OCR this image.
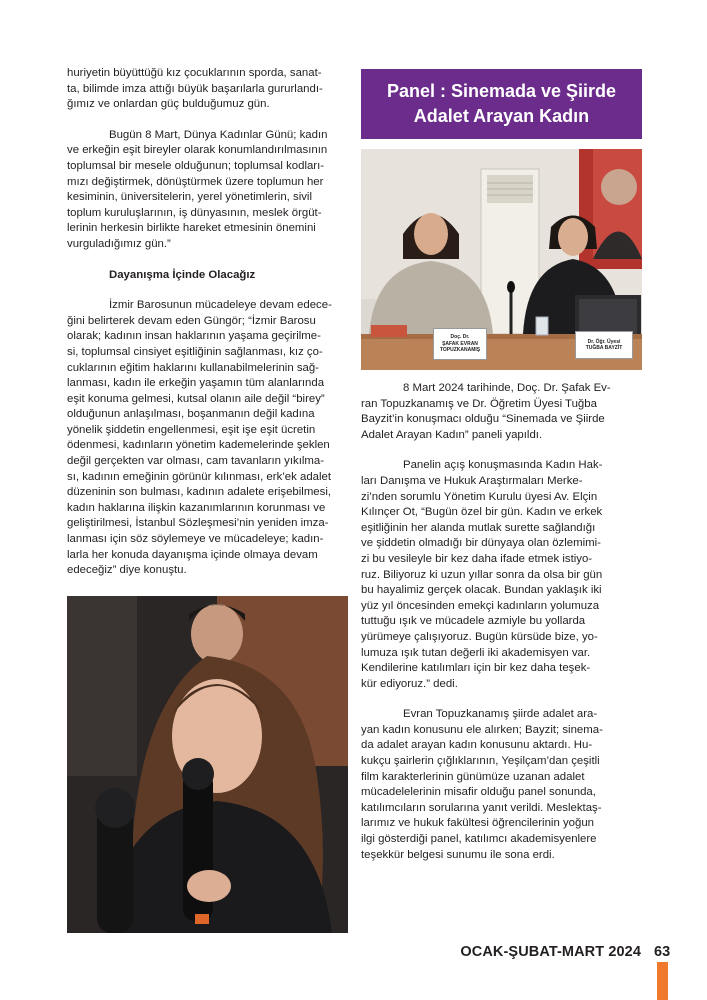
huriyetin büyüttüğü kız çocuklarının sporda, sanat-
ta, bilimde imza attığı büyük başarılarla gururlandı-
ğımız ve onlardan güç bulduğumuz gün.

Bugün 8 Mart, Dünya Kadınlar Günü; kadın
ve erkeğin eşit bireyler olarak konumlandırılmasının
toplumsal bir mesele olduğunun; toplumsal kodları-
mızı değiştirmek, dönüştürmek üzere toplumun her
kesiminin, üniversitelerin, yerel yönetimlerin, sivil
toplum kuruluşlarının, iş dünyasının, meslek örgüt-
lerinin herkesin birlikte hareket etmesinin önemini
vurguladığımız gün.”

Dayanışma İçinde Olacağız

İzmir Barosunun mücadeleye devam edece-
ğini belirterek devam eden Güngör; “İzmir Barosu
olarak; kadının insan haklarının yaşama geçirilme-
si, toplumsal cinsiyet eşitliğinin sağlanması, kız ço-
cuklarının eğitim haklarını kullanabilmelerinin sağ-
lanması, kadın ile erkeğin yaşamın tüm alanlarında
eşit konuma gelmesi, kutsal olanın aile değil “birey”
olduğunun anlaşılması, boşanmanın değil kadına
yönelik şiddetin engellenmesi, eşit işe eşit ücretin
ödenmesi, kadınların yönetim kademelerinde şeklen
değil gerçekten var olması, cam tavanların yıkılma-
sı, kadının emeğinin görünür kılınması, erk’ek adalet
düzeninin son bulması, kadının adalete erişebilmesi,
kadın haklarına ilişkin kazanımlarının korunması ve
geliştirilmesi, İstanbul Sözleşmesi’nin yeniden imza-
lanması için söz söylemeye ve mücadeleye; kadın-
larla her konuda dayanışma içinde olmaya devam
edeceğiz” diye konuştu.

Panel : Sinemada ve Şiirde
Adalet Arayan Kadın
Doç. Dr.
ŞAFAK EVRAN
TOPUZKANAMIŞ
Dr. Öğr. Üyesi
TUĞBA BAYZİT

8 Mart 2024 tarihinde, Doç. Dr. Şafak Ev-
ran Topuzkanamış ve Dr. Öğretim Üyesi Tuğba
Bayzit’in konuşmacı olduğu “Sinemada ve Şiirde
Adalet Arayan Kadın” paneli yapıldı.

Panelin açış konuşmasında Kadın Hak-
ları Danışma ve Hukuk Araştırmaları Merke-
zi’nden sorumlu Yönetim Kurulu üyesi Av. Elçin
Kılınçer Ot, “Bugün özel bir gün. Kadın ve erkek
eşitliğinin her alanda mutlak surette sağlandığı
ve şiddetin olmadığı bir dünyaya olan özlemimi-
zi bu vesileyle bir kez daha ifade etmek istiyo-
ruz. Biliyoruz ki uzun yıllar sonra da olsa bir gün
bu hayalimiz gerçek olacak. Bundan yaklaşık iki
yüz yıl öncesinden emekçi kadınların yolumuza
tuttuğu ışık ve mücadele azmiyle bu yollarda
yürümeye çalışıyoruz. Bugün kürsüde bize, yo-
lumuza ışık tutan değerli iki akademisyen var.
Kendilerine katılımları için bir kez daha teşek-
kür ediyoruz.” dedi.

Evran Topuzkanamış şiirde adalet ara-
yan kadın konusunu ele alırken; Bayzit; sinema-
da adalet arayan kadın konusunu aktardı. Hu-
kukçu şairlerin çığlıklarının, Yeşilçam’dan çeşitli
film karakterlerinin günümüze uzanan adalet
mücadelelerinin misafir olduğu panel sonunda,
katılımcıların sorularına yanıt verildi. Meslektaş-
larımız ve hukuk fakültesi öğrencilerinin yoğun
ilgi gösterdiği panel, katılımcı akademisyenlere
teşekkür belgesi sunumu ile sona erdi.

OCAK-ŞUBAT-MART 2024 63
